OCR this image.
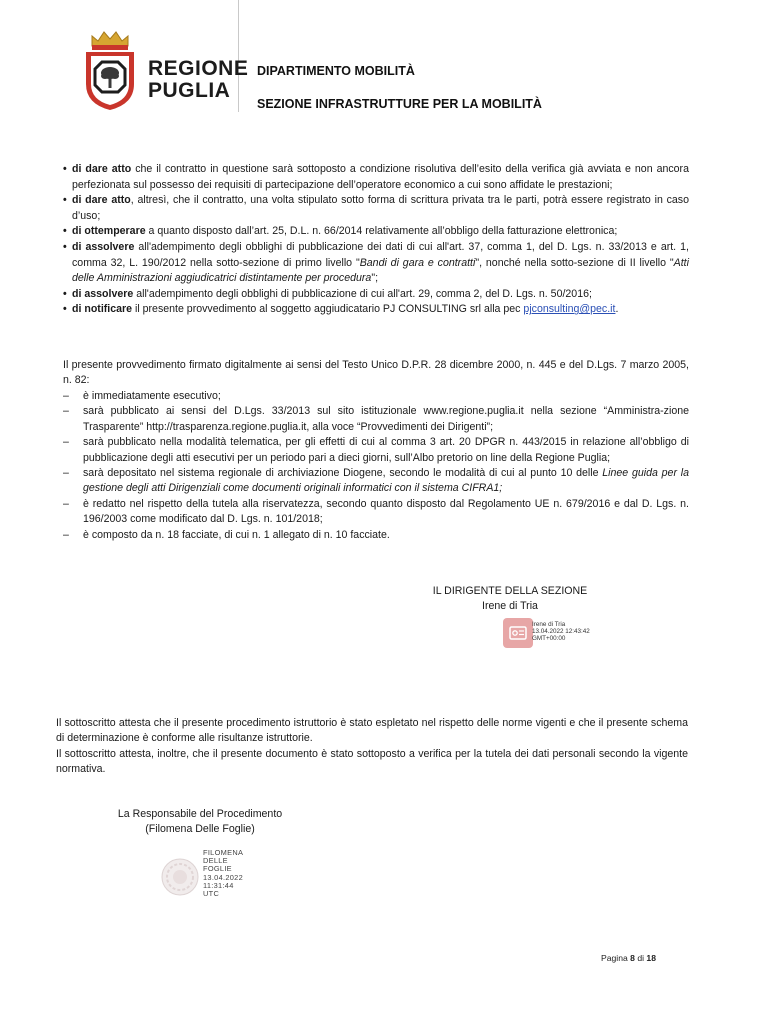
REGIONE
PUGLIA
DIPARTIMENTO MOBILITÀ
SEZIONE INFRASTRUTTURE PER LA MOBILITÀ
• di dare atto che il contratto in questione sarà sottoposto a condizione risolutiva dell’esito della verifica già avviata e non ancora perfezionata sul possesso dei requisiti di partecipazione dell’operatore economico a cui sono affidate le prestazioni;
• di dare atto, altresì, che il contratto, una volta stipulato sotto forma di scrittura privata tra le parti, potrà essere registrato in caso d’uso;
• di ottemperare a quanto disposto dall’art. 25, D.L. n. 66/2014 relativamente all’obbligo della fatturazione elettronica;
• di assolvere all'adempimento degli obblighi di pubblicazione dei dati di cui all'art. 37, comma 1, del D. Lgs. n. 33/2013 e art. 1, comma 32, L. 190/2012 nella sotto-sezione di primo livello "Bandi di gara e contratti", nonché nella sotto-sezione di II livello "Atti delle Amministrazioni aggiudicatrici distintamente per procedura";
• di assolvere all'adempimento degli obblighi di pubblicazione di cui all'art. 29, comma 2, del D. Lgs. n. 50/2016;
• di notificare il presente provvedimento al soggetto aggiudicatario PJ CONSULTING srl alla pec pjconsulting@pec.it.
Il presente provvedimento firmato digitalmente ai sensi del Testo Unico D.P.R. 28 dicembre 2000, n. 445 e del D.Lgs. 7 marzo 2005, n. 82:
– è immediatamente esecutivo;
– sarà pubblicato ai sensi del D.Lgs. 33/2013 sul sito istituzionale www.regione.puglia.it nella sezione “Amministra-zione Trasparente” http://trasparenza.regione.puglia.it, alla voce “Provvedimenti dei Dirigenti”;
– sarà pubblicato nella modalità telematica, per gli effetti di cui al comma 3 art. 20 DPGR n. 443/2015 in relazione all’obbligo di pubblicazione degli atti esecutivi per un periodo pari a dieci giorni, sull’Albo pretorio on line della Regione Puglia;
– sarà depositato nel sistema regionale di archiviazione Diogene, secondo le modalità di cui al punto 10 delle Linee guida per la gestione degli atti Dirigenziali come documenti originali informatici con il sistema CIFRA1;
– è redatto nel rispetto della tutela alla riservatezza, secondo quanto disposto dal Regolamento UE n. 679/2016 e dal D. Lgs. n. 196/2003 come modificato dal D. Lgs. n. 101/2018;
– è composto da n. 18 facciate, di cui n. 1 allegato di n. 10 facciate.
IL DIRIGENTE DELLA SEZIONE
Irene di Tria
Irene di Tria
13.04.2022 12:43:42
GMT+00:00
Il sottoscritto attesta che il presente procedimento istruttorio è stato espletato nel rispetto delle norme vigenti e che il presente schema di determinazione è conforme alle risultanze istruttorie.
Il sottoscritto attesta, inoltre, che il presente documento è stato sottoposto a verifica per la tutela dei dati personali secondo la vigente normativa.
La Responsabile del Procedimento
(Filomena Delle Foglie)
FILOMENA
DELLE
FOGLIE
13.04.2022
11:31:44
UTC
Pagina 8 di 18
